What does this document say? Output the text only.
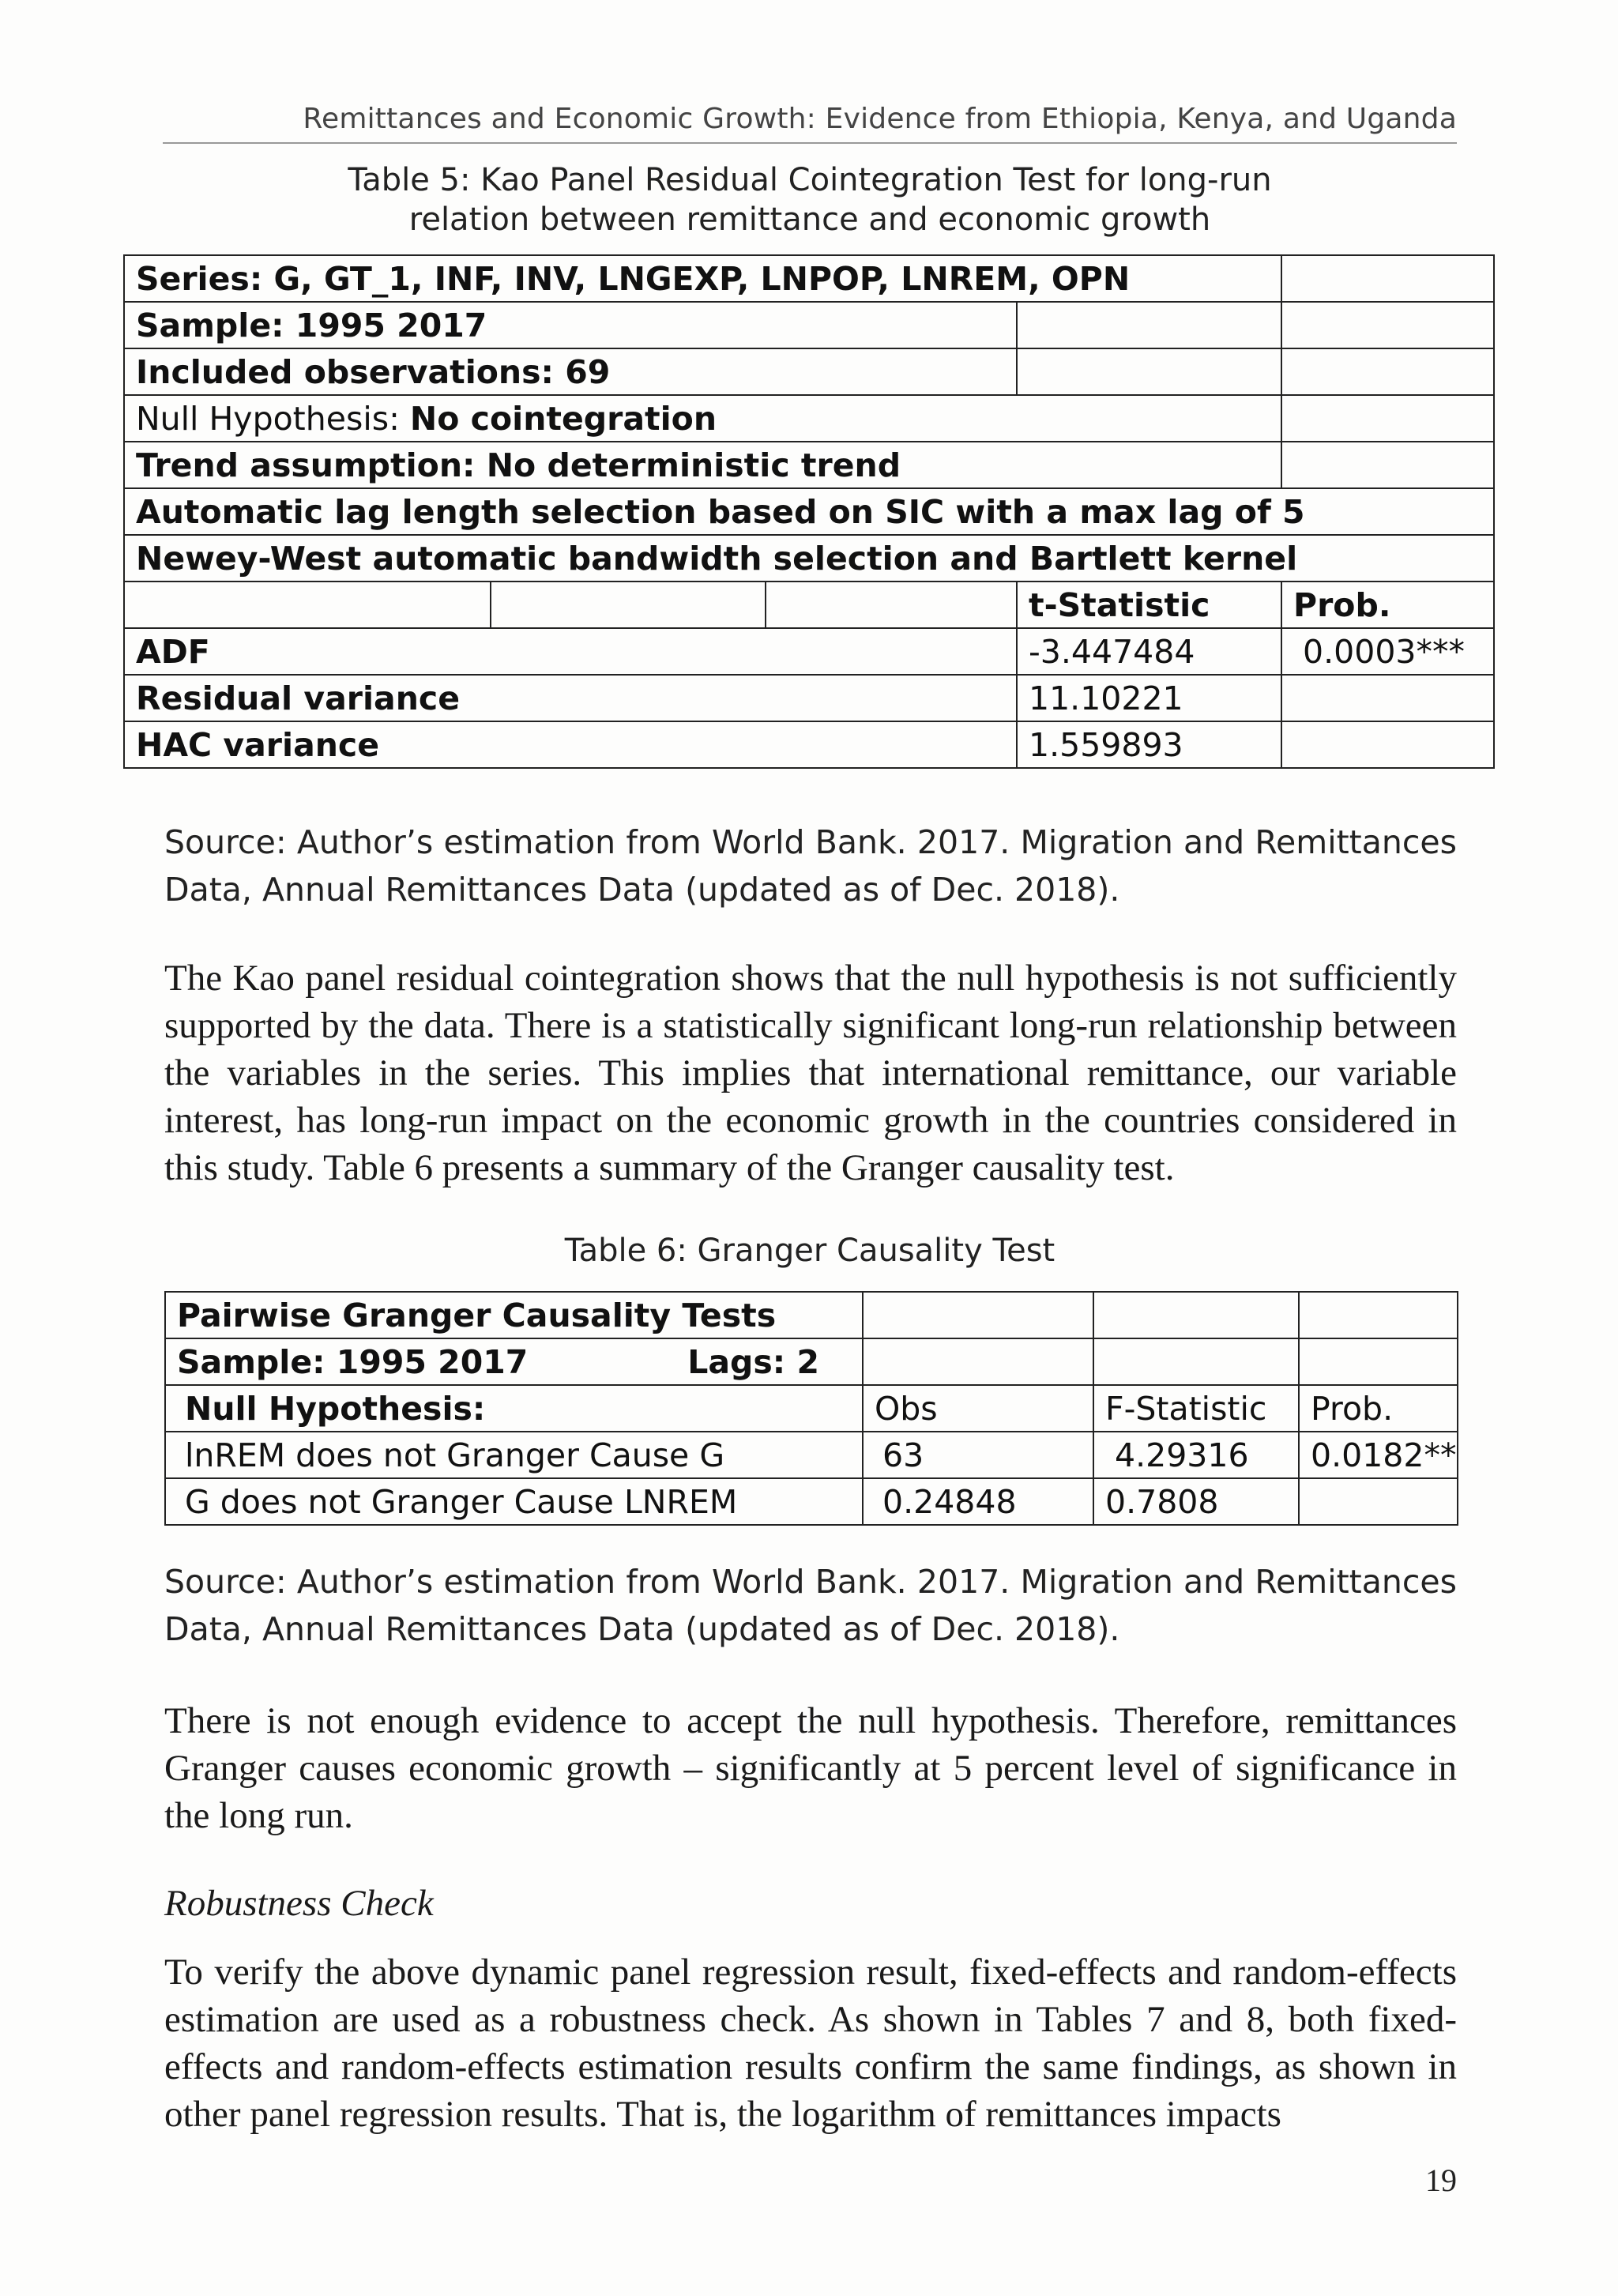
Remittances and Economic Growth: Evidence from Ethiopia, Kenya, and Uganda
Table 5: Kao Panel Residual Cointegration Test for long-run
relation between remittance and economic growth
Series: G, GT_1, INF, INV, LNGEXP, LNPOP, LNREM, OPN				
Sample: 1995 2017				
Included observations: 69				
Null Hypothesis: No cointegration				
Trend assumption: No deterministic trend				
Automatic lag length selection based on SIC with a max lag of 5				
Newey-West automatic bandwidth selection and Bartlett kernel				
			t-Statistic	Prob.
ADF			-3.447484	0.0003***
Residual variance			11.10221	
HAC variance			1.559893	
Source: Author’s estimation from World Bank. 2017. Migration and Remittances Data, Annual Remittances Data (updated as of Dec. 2018).

The Kao panel residual cointegration shows that the null hypothesis is not sufficiently supported by the data. There is a statistically significant long-run relationship between the variables in the series. This implies that international remittance, our variable interest, has long-run impact on the economic growth in the countries considered in this study. Table 6 presents a summary of the Granger causality test.

Table 6: Granger Causality Test
Pairwise Granger Causality Tests			
Sample: 1995 2017 Lags: 2			

Null Hypothesis:	Obs	F-Statistic	Prob.
lnREM does not Granger Cause G	63	4.29316	0.0182**
G does not Granger Cause LNREM	0.24848	0.7808	
Source: Author’s estimation from World Bank. 2017. Migration and Remittances Data, Annual Remittances Data (updated as of Dec. 2018).

There is not enough evidence to accept the null hypothesis. Therefore, remittances Granger causes economic growth – significantly at 5 percent level of significance in the long run.

Robustness Check

To verify the above dynamic panel regression result, fixed-effects and random-effects estimation are used as a robustness check. As shown in Tables 7 and 8, both fixed-effects and random-effects estimation results confirm the same findings, as shown in other panel regression results. That is, the logarithm of remittances impacts

19
